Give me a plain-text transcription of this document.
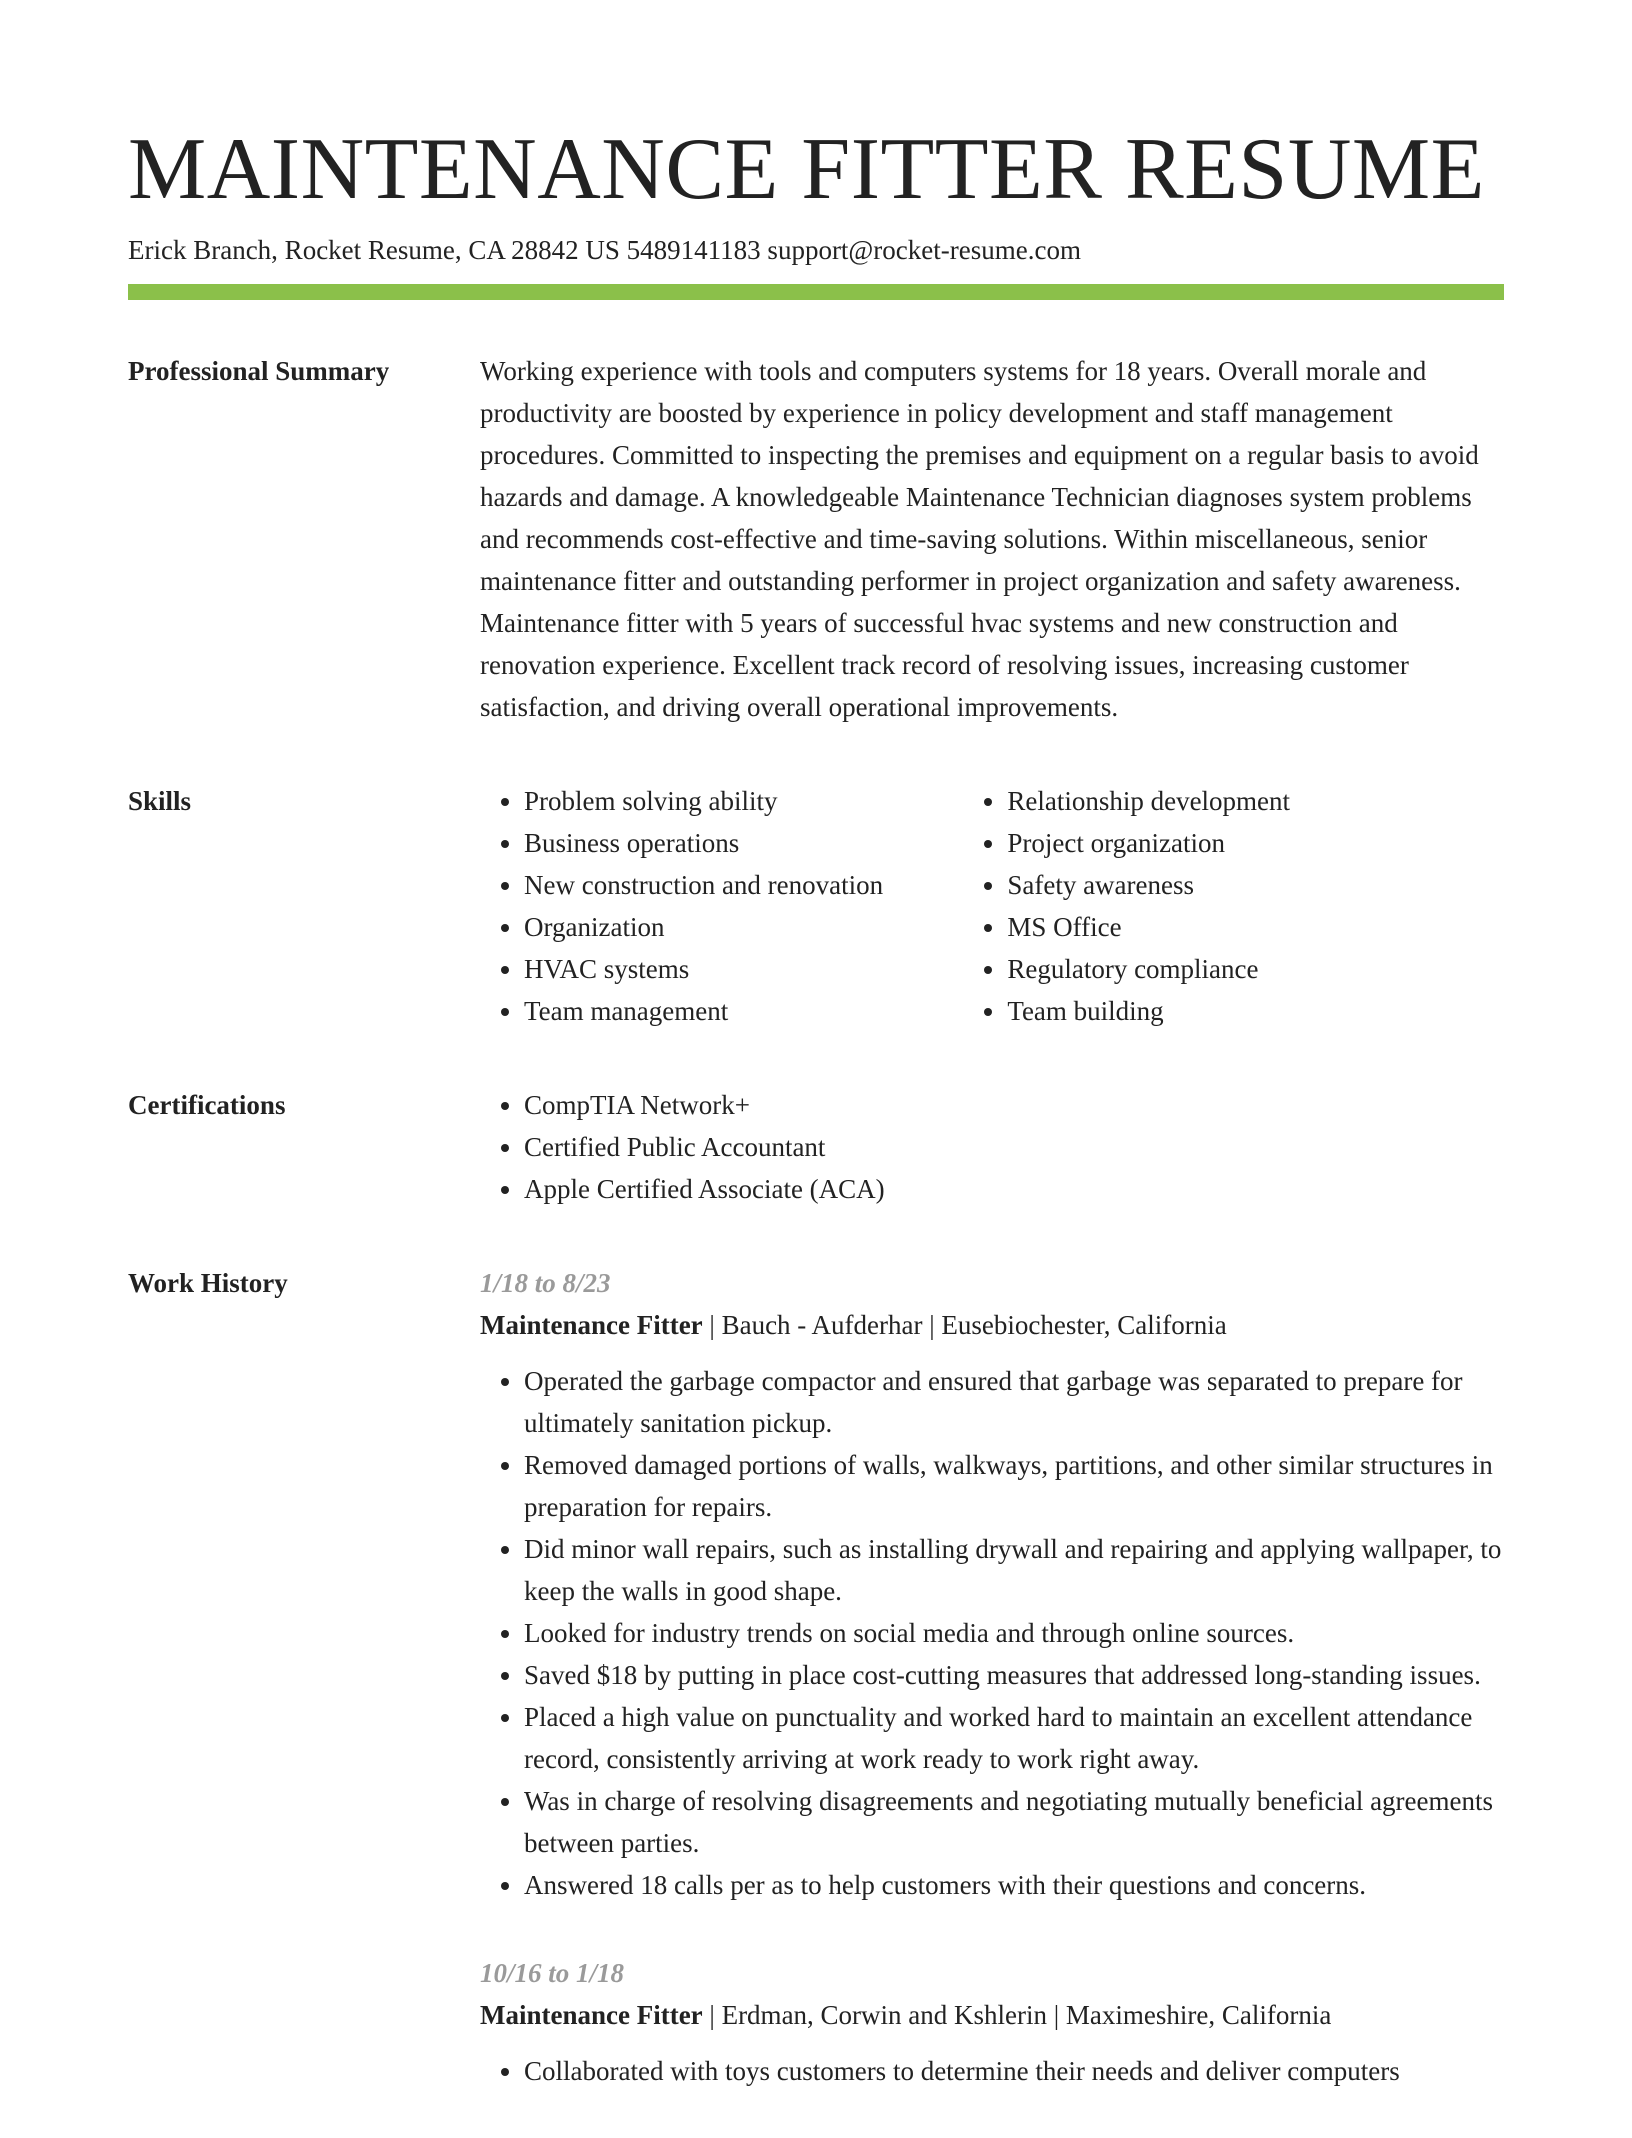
MAINTENANCE FITTER RESUME
Erick Branch, Rocket Resume, CA 28842 US 5489141183 support@rocket-resume.com
Professional Summary	Working experience with tools and computers systems for 18 years. Overall morale and productivity are boosted by experience in policy development and staff management procedures. Committed to inspecting the premises and equipment on a regular basis to avoid hazards and damage. A knowledgeable Maintenance Technician diagnoses system problems and recommends cost-effective and time-saving solutions. Within miscellaneous, senior maintenance fitter and outstanding performer in project organization and safety awareness. Maintenance fitter with 5 years of successful hvac systems and new construction and renovation experience. Excellent track record of resolving issues, increasing customer satisfaction, and driving overall operational improvements.

Skills	• Problem solving ability
• Business operations
• New construction and renovation
• Organization
• HVAC systems
• Team management
• Relationship development
• Project organization
• Safety awareness
• MS Office
• Regulatory compliance
• Team building
Certifications	• CompTIA Network+
• Certified Public Accountant
• Apple Certified Associate (ACA)
Work History	1/18 to 8/23
Maintenance Fitter | Bauch - Aufderhar | Eusebiochester, California
• Operated the garbage compactor and ensured that garbage was separated to prepare for ultimately sanitation pickup.
• Removed damaged portions of walls, walkways, partitions, and other similar structures in preparation for repairs.
• Did minor wall repairs, such as installing drywall and repairing and applying wallpaper, to keep the walls in good shape.
• Looked for industry trends on social media and through online sources.
• Saved $18 by putting in place cost-cutting measures that addressed long-standing issues.
• Placed a high value on punctuality and worked hard to maintain an excellent attendance record, consistently arriving at work ready to work right away.
• Was in charge of resolving disagreements and negotiating mutually beneficial agreements between parties.
• Answered 18 calls per as to help customers with their questions and concerns.
10/16 to 1/18
Maintenance Fitter | Erdman, Corwin and Kshlerin | Maximeshire, California
• Collaborated with toys customers to determine their needs and deliver computers
